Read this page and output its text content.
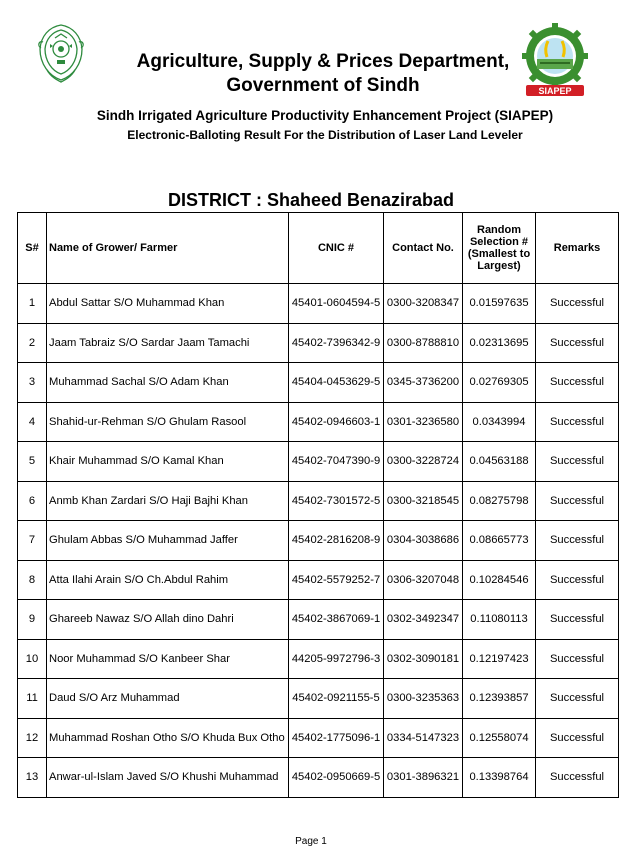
SIAPEP
Agriculture, Supply & Prices Department,
Government of Sindh
Sindh Irrigated Agriculture Productivity Enhancement Project (SIAPEP)
Electronic-Balloting Result For the Distribution of Laser Land Leveler
DISTRICT : Shaheed Benazirabad
S#	Name of Grower/ Farmer	CNIC #	Contact No.	Random Selection # (Smallest to Largest)	Remarks
1	Abdul Sattar S/O Muhammad Khan	45401-0604594-5	0300-3208347	0.01597635	Successful
2	Jaam Tabraiz S/O Sardar Jaam Tamachi	45402-7396342-9	0300-8788810	0.02313695	Successful
3	Muhammad Sachal S/O Adam Khan	45404-0453629-5	0345-3736200	0.02769305	Successful
4	Shahid-ur-Rehman S/O Ghulam Rasool	45402-0946603-1	0301-3236580	0.0343994	Successful
5	Khair Muhammad S/O Kamal Khan	45402-7047390-9	0300-3228724	0.04563188	Successful
6	Anmb Khan Zardari S/O Haji Bajhi Khan	45402-7301572-5	0300-3218545	0.08275798	Successful
7	Ghulam Abbas S/O Muhammad Jaffer	45402-2816208-9	0304-3038686	0.08665773	Successful
8	Atta Ilahi Arain S/O Ch.Abdul Rahim	45402-5579252-7	0306-3207048	0.10284546	Successful
9	Ghareeb Nawaz S/O Allah dino Dahri	45402-3867069-1	0302-3492347	0.11080113	Successful
10	Noor Muhammad S/O Kanbeer Shar	44205-9972796-3	0302-3090181	0.12197423	Successful
11	Daud S/O Arz Muhammad	45402-0921155-5	0300-3235363	0.12393857	Successful
12	Muhammad Roshan Otho S/O Khuda Bux Otho	45402-1775096-1	0334-5147323	0.12558074	Successful
13	Anwar-ul-Islam Javed S/O Khushi Muhammad	45402-0950669-5	0301-3896321	0.13398764	Successful
Page 1
